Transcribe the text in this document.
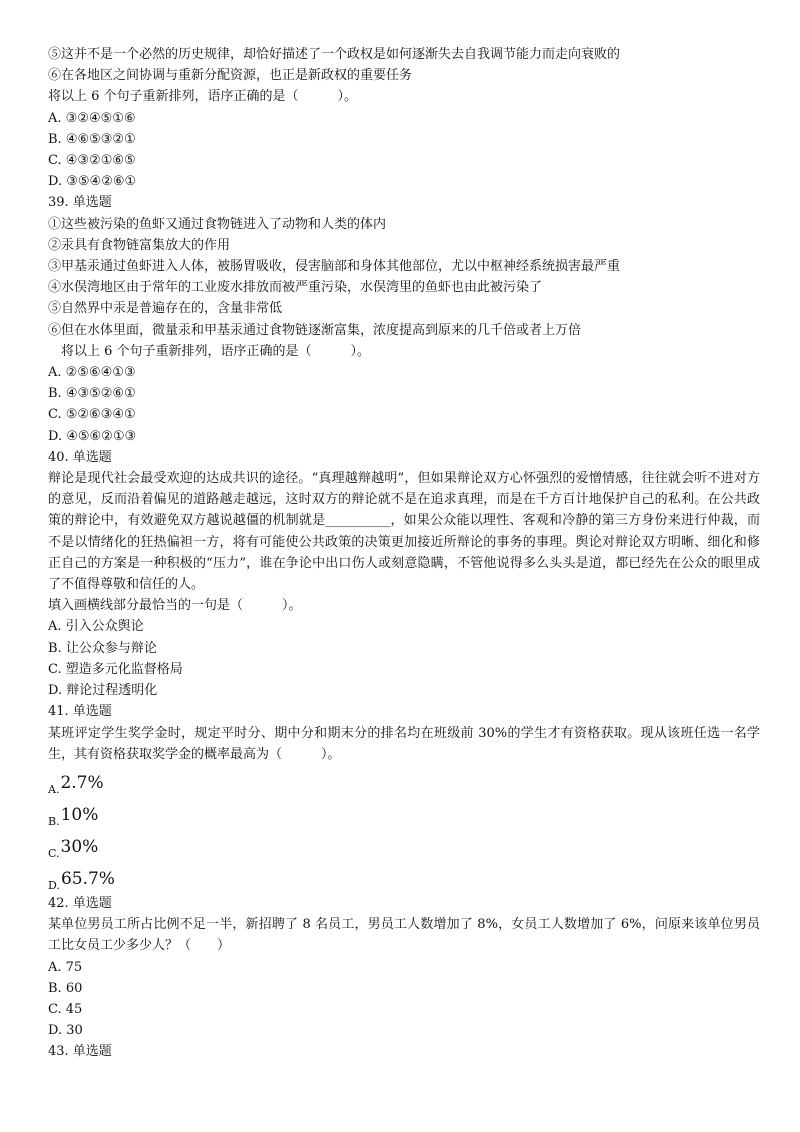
⑤这并不是一个必然的历史规律，却恰好描述了一个政权是如何逐渐失去自我调节能力而走向衰败的
⑥在各地区之间协调与重新分配资源，也正是新政权的重要任务
将以上 6 个句子重新排列，语序正确的是（　　　）。
A. ③②④⑤①⑥
B. ④⑥⑤③②①
C. ④③②①⑥⑤
D. ③⑤④②⑥①
39. 单选题
①这些被污染的鱼虾又通过食物链进入了动物和人类的体内
②汞具有食物链富集放大的作用
③甲基汞通过鱼虾进入人体，被肠胃吸收，侵害脑部和身体其他部位，尤以中枢神经系统损害最严重
④水俣湾地区由于常年的工业废水排放而被严重污染，水俣湾里的鱼虾也由此被污染了
⑤自然界中汞是普遍存在的，含量非常低
⑥但在水体里面，微量汞和甲基汞通过食物链逐渐富集，浓度提高到原来的几千倍或者上万倍
将以上 6 个句子重新排列，语序正确的是（　　　）。
A. ②⑤⑥④①③
B. ④③⑤②⑥①
C. ⑤②⑥③④①
D. ④⑤⑥②①③
40. 单选题
辩论是现代社会最受欢迎的达成共识的途径。“真理越辩越明”，但如果辩论双方心怀强烈的爱憎情感，往往就会听不进对方的意见，反而沿着偏见的道路越走越远，这时双方的辩论就不是在追求真理，而是在千方百计地保护自己的私利。在公共政策的辩论中，有效避免双方越说越僵的机制就是__________，如果公众能以理性、客观和冷静的第三方身份来进行仲裁，而不是以情绪化的狂热偏袒一方，将有可能使公共政策的决策更加接近所辩论的事务的事理。舆论对辩论双方明晰、细化和修正自己的方案是一种积极的“压力”，谁在争论中出口伤人或刻意隐瞒，不管他说得多么头头是道，都已经先在公众的眼里成了不值得尊敬和信任的人。
填入画横线部分最恰当的一句是（　　　）。
A. 引入公众舆论
B. 让公众参与辩论
C. 塑造多元化监督格局
D. 辩论过程透明化
41. 单选题
某班评定学生奖学金时，规定平时分、期中分和期末分的排名均在班级前 30%的学生才有资格获取。现从该班任选一名学生，其有资格获取奖学金的概率最高为（　　　）。
A. 2.7%
B. 10%
C. 30%
D. 65.7%
42. 单选题
某单位男员工所占比例不足一半，新招聘了 8 名员工，男员工人数增加了 8%，女员工人数增加了 6%，问原来该单位男员工比女员工少多少人？（　　）
A. 75
B. 60
C. 45
D. 30
43. 单选题
